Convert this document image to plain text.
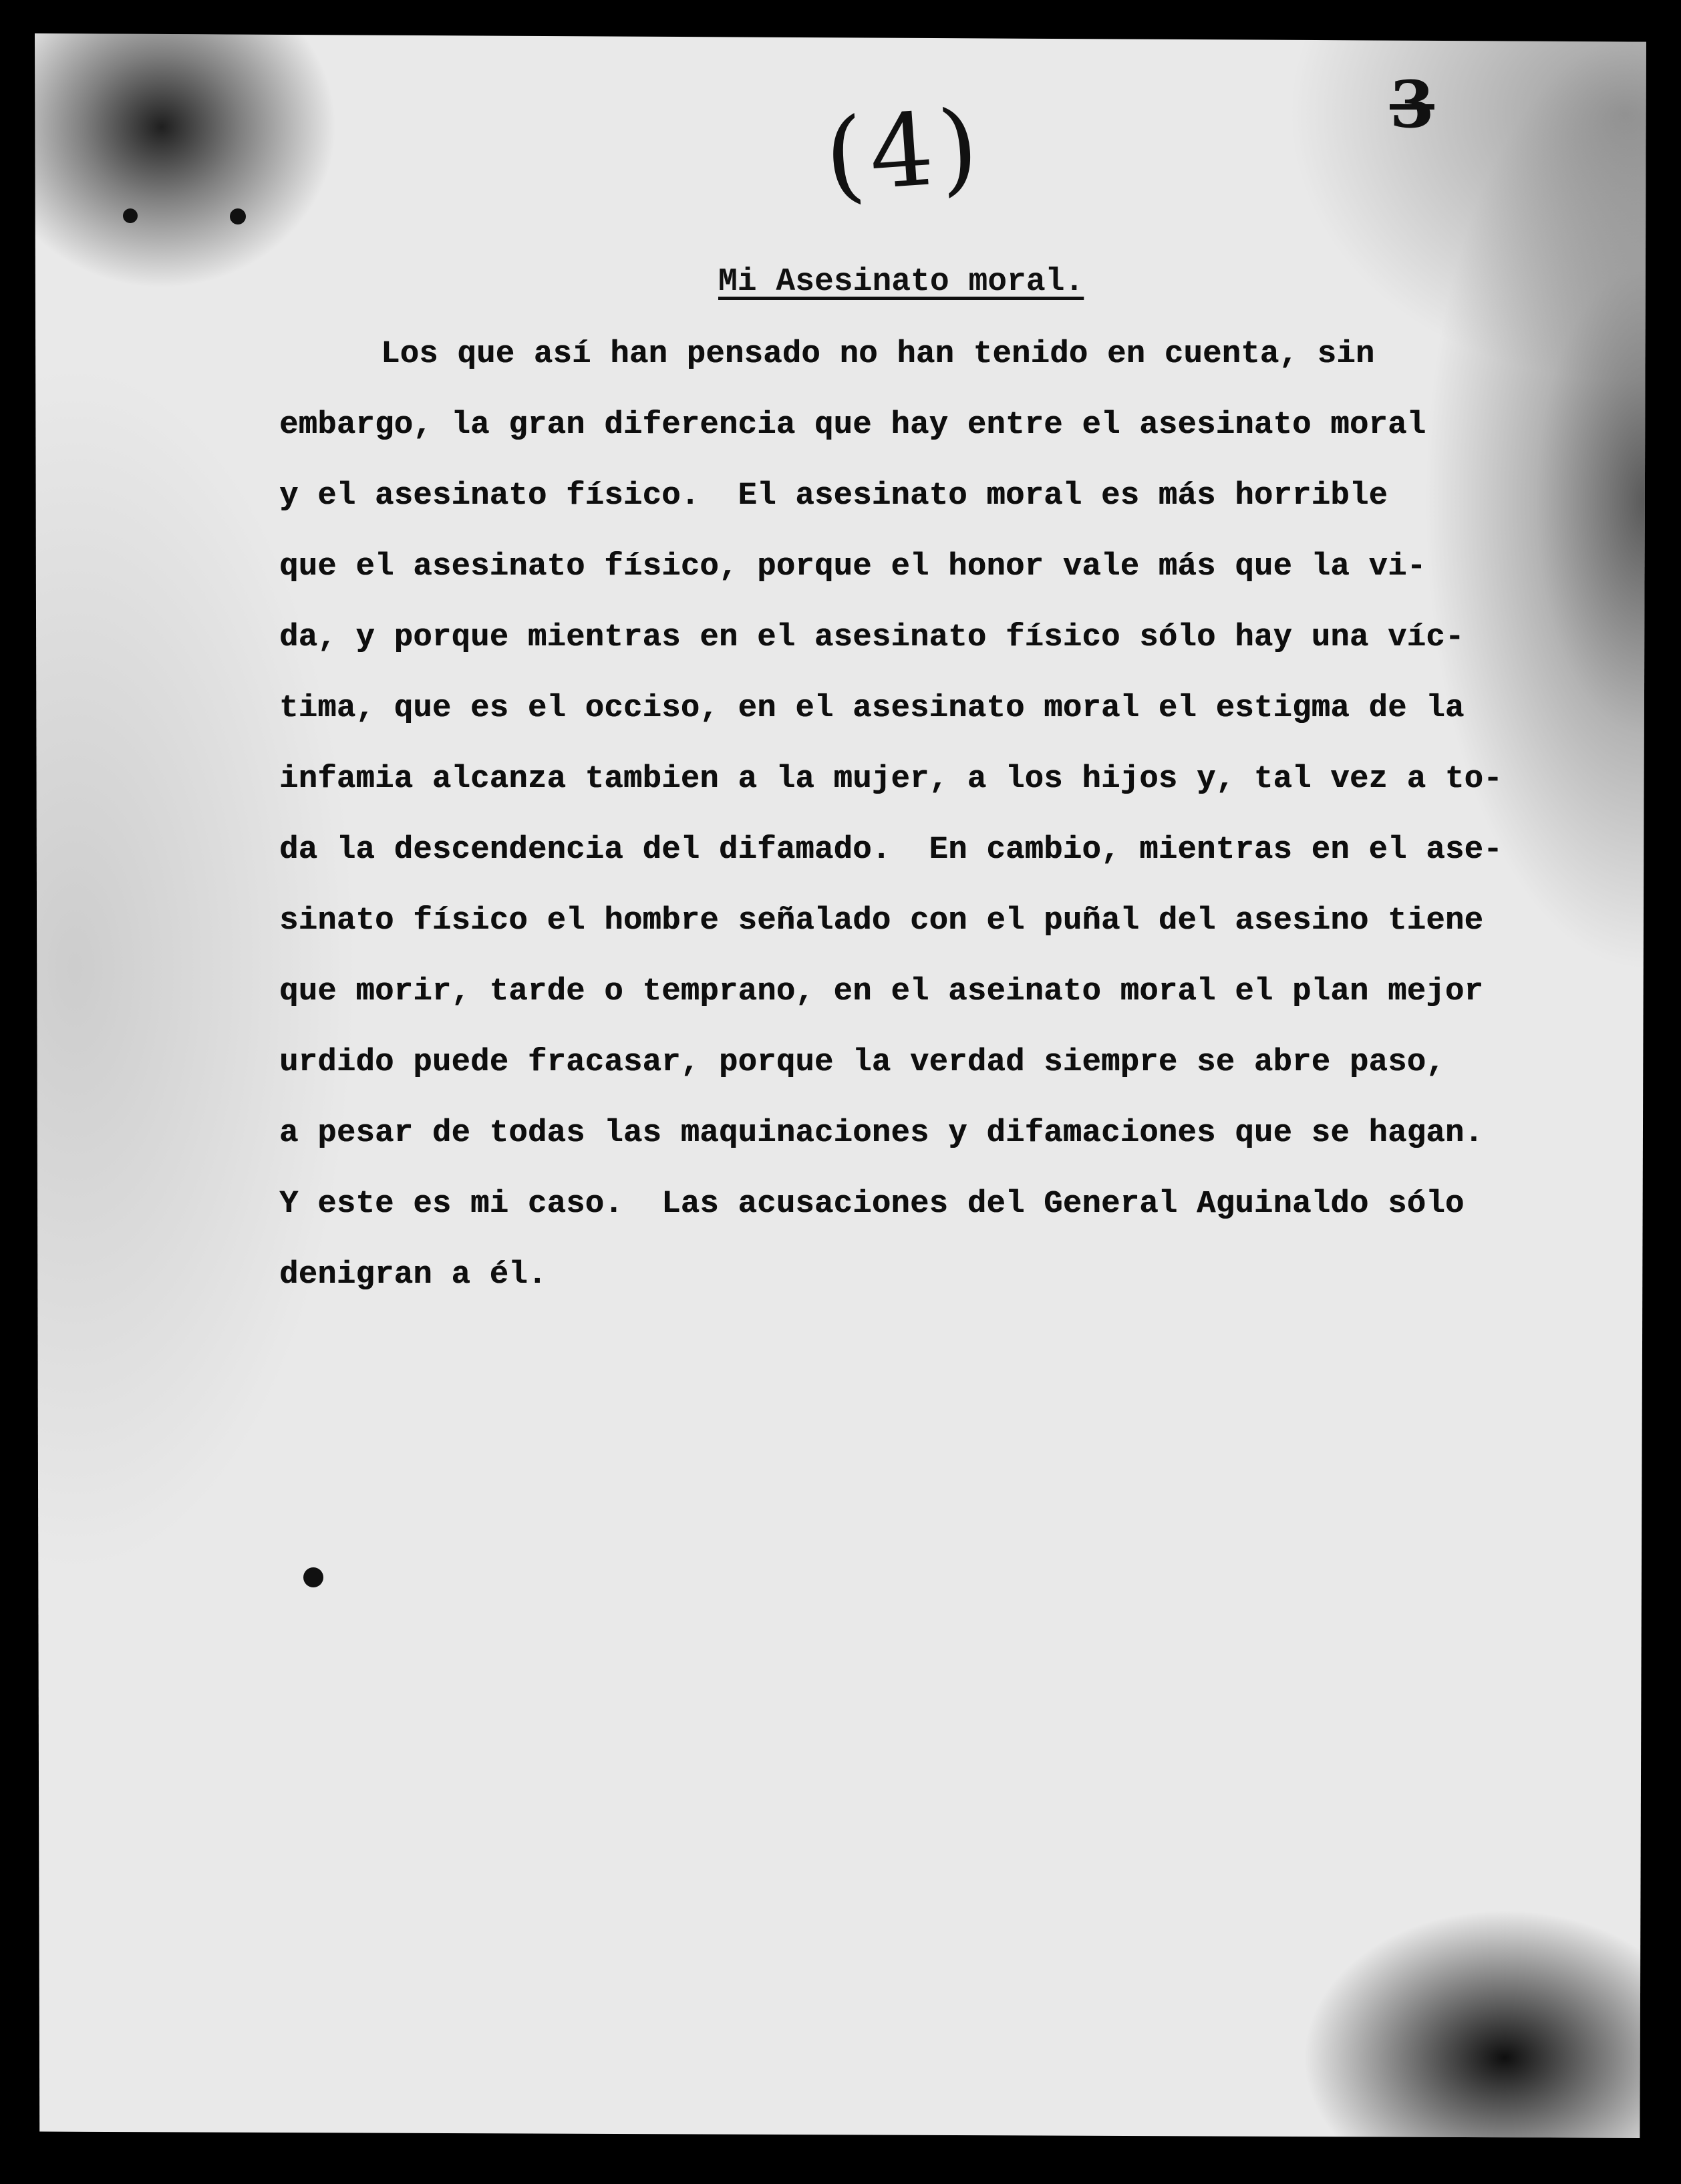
(4)	3
Mi Asesinato moral.
Los que así han pensado no han tenido en cuenta, sin
embargo, la gran diferencia que hay entre el asesinato moral
y el asesinato físico.  El asesinato moral es más horrible
que el asesinato físico, porque el honor vale más que la vi-
da, y porque mientras en el asesinato físico sólo hay una víc-
tima, que es el occiso, en el asesinato moral el estigma de la
infamia alcanza tambien a la mujer, a los hijos y, tal vez a to-
da la descendencia del difamado.  En cambio, mientras en el ase-
sinato físico el hombre señalado con el puñal del asesino tiene
que morir, tarde o temprano, en el aseinato moral el plan mejor
urdido puede fracasar, porque la verdad siempre se abre paso,
a pesar de todas las maquinaciones y difamaciones que se hagan.
Y este es mi caso.  Las acusaciones del General Aguinaldo sólo
denigran a él.
